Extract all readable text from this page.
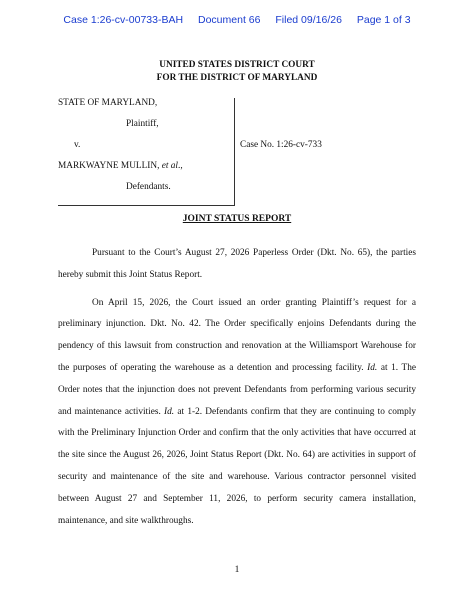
Case 1:26-cv-00733-BAH Document 66 Filed 09/16/26 Page 1 of 3
UNITED STATES DISTRICT COURT
FOR THE DISTRICT OF MARYLAND
STATE OF MARYLAND,
Plaintiff,
v.
MARKWAYNE MULLIN, et al.,
Defendants.
Case No. 1:26-cv-733
JOINT STATUS REPORT

Pursuant to the Court’s August 27, 2026 Paperless Order (Dkt. No. 65), the parties hereby submit this Joint Status Report.

On April 15, 2026, the Court issued an order granting Plaintiff’s request for a preliminary injunction. Dkt. No. 42. The Order specifically enjoins Defendants during the pendency of this lawsuit from construction and renovation at the Williamsport Warehouse for the purposes of operating the warehouse as a detention and processing facility. Id. at 1. The Order notes that the injunction does not prevent Defendants from performing various security and maintenance activities. Id. at 1-2. Defendants confirm that they are continuing to comply with the Preliminary Injunction Order and confirm that the only activities that have occurred at the site since the August 26, 2026, Joint Status Report (Dkt. No. 64) are activities in support of security and maintenance of the site and warehouse. Various contractor personnel visited between August 27 and September 11, 2026, to perform security camera installation, maintenance, and site walkthroughs.

1
